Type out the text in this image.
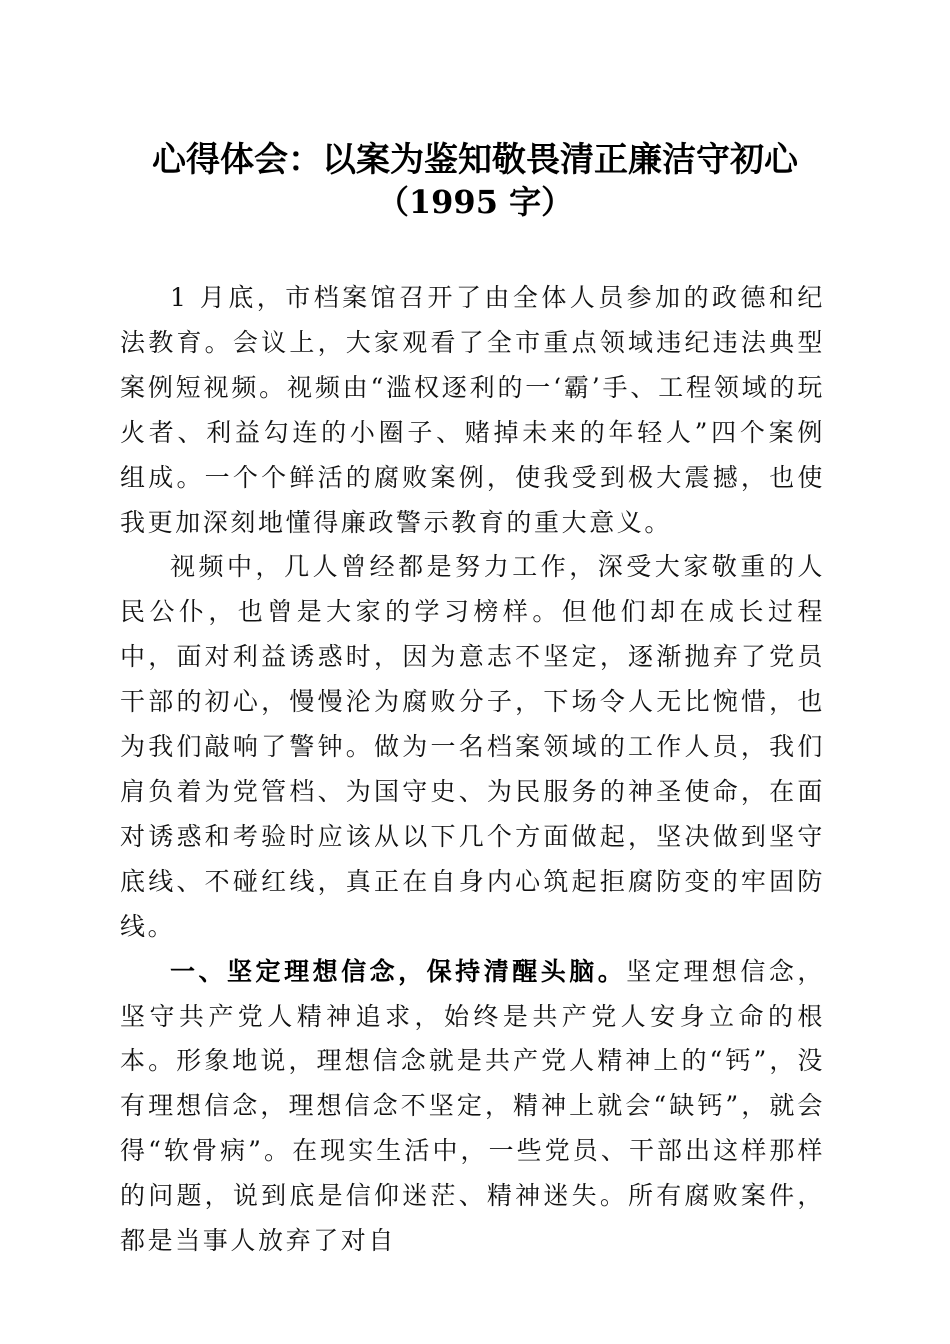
心得体会：以案为鉴知敬畏清正廉洁守初心
（1995 字）

1 月底，市档案馆召开了由全体人员参加的政德和纪法教育。会议上，大家观看了全市重点领域违纪违法典型案例短视频。视频由“滥权逐利的一‘霸’手、工程领域的玩火者、利益勾连的小圈子、赌掉未来的年轻人”四个案例组成。一个个鲜活的腐败案例，使我受到极大震撼，也使我更加深刻地懂得廉政警示教育的重大意义。

视频中，几人曾经都是努力工作，深受大家敬重的人民公仆，也曾是大家的学习榜样。但他们却在成长过程中，面对利益诱惑时，因为意志不坚定，逐渐抛弃了党员干部的初心，慢慢沦为腐败分子，下场令人无比惋惜，也为我们敲响了警钟。做为一名档案领域的工作人员，我们肩负着为党管档、为国守史、为民服务的神圣使命，在面对诱惑和考验时应该从以下几个方面做起，坚决做到坚守底线、不碰红线，真正在自身内心筑起拒腐防变的牢固防线。

一、坚定理想信念，保持清醒头脑。坚定理想信念，坚守共产党人精神追求，始终是共产党人安身立命的根本。形象地说，理想信念就是共产党人精神上的“钙”，没有理想信念，理想信念不坚定，精神上就会“缺钙”，就会得“软骨病”。在现实生活中，一些党员、干部出这样那样的问题，说到底是信仰迷茫、精神迷失。所有腐败案件，都是当事人放弃了对自
